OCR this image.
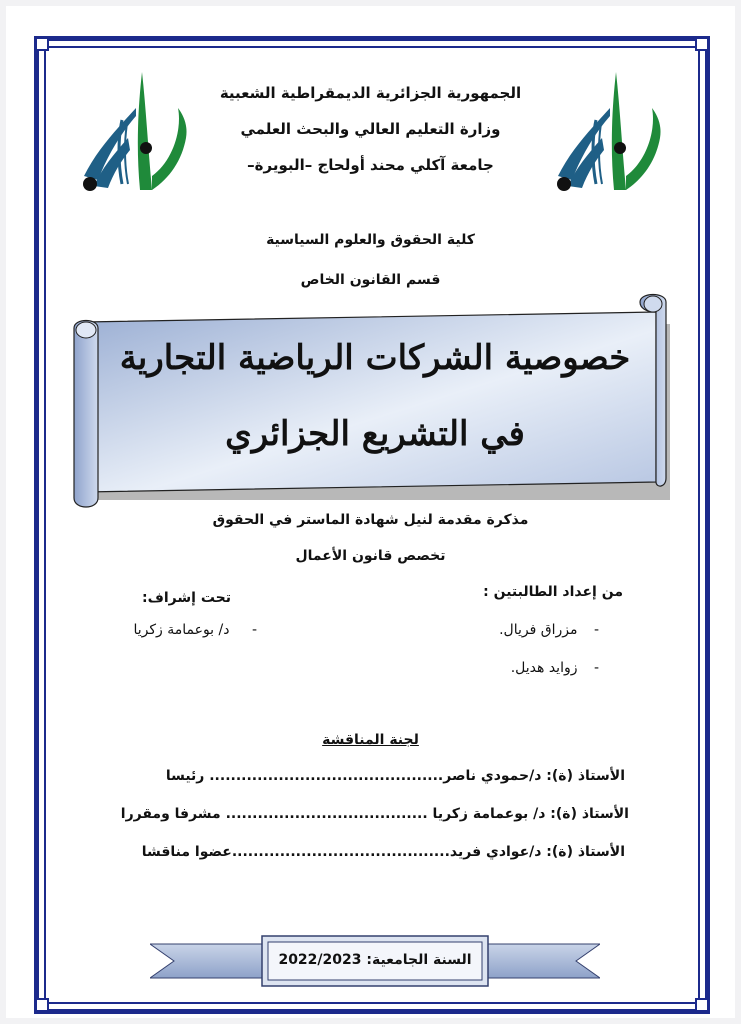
الجمهورية الجزائرية الديمقراطية الشعبية
وزارة التعليم العالي والبحث العلمي
جامعة آكلي محند أولحاج –البويرة–
كلية الحقوق والعلوم السياسية
قسم القانون الخاص
خصوصية الشركات الرياضية التجارية
في التشريع الجزائري
مذكرة مقدمة لنيل شهادة الماستر في الحقوق
تخصص قانون الأعمال
من إعداد الطالبتين :
- مزراق فريال.
- زوايد هديل.
تحت إشراف:
- د/ بوعمامة زكريا
لجنة المناقشة
الأستاذ (ة): د/حمودي ناصر............................................ رئيسا
الأستاذ (ة): د/ بوعمامة زكريا ...................................... مشرفا ومقررا
الأستاذ (ة): د/عوادي فريد.........................................عضوا مناقشا
السنة الجامعية: 2022/2023
